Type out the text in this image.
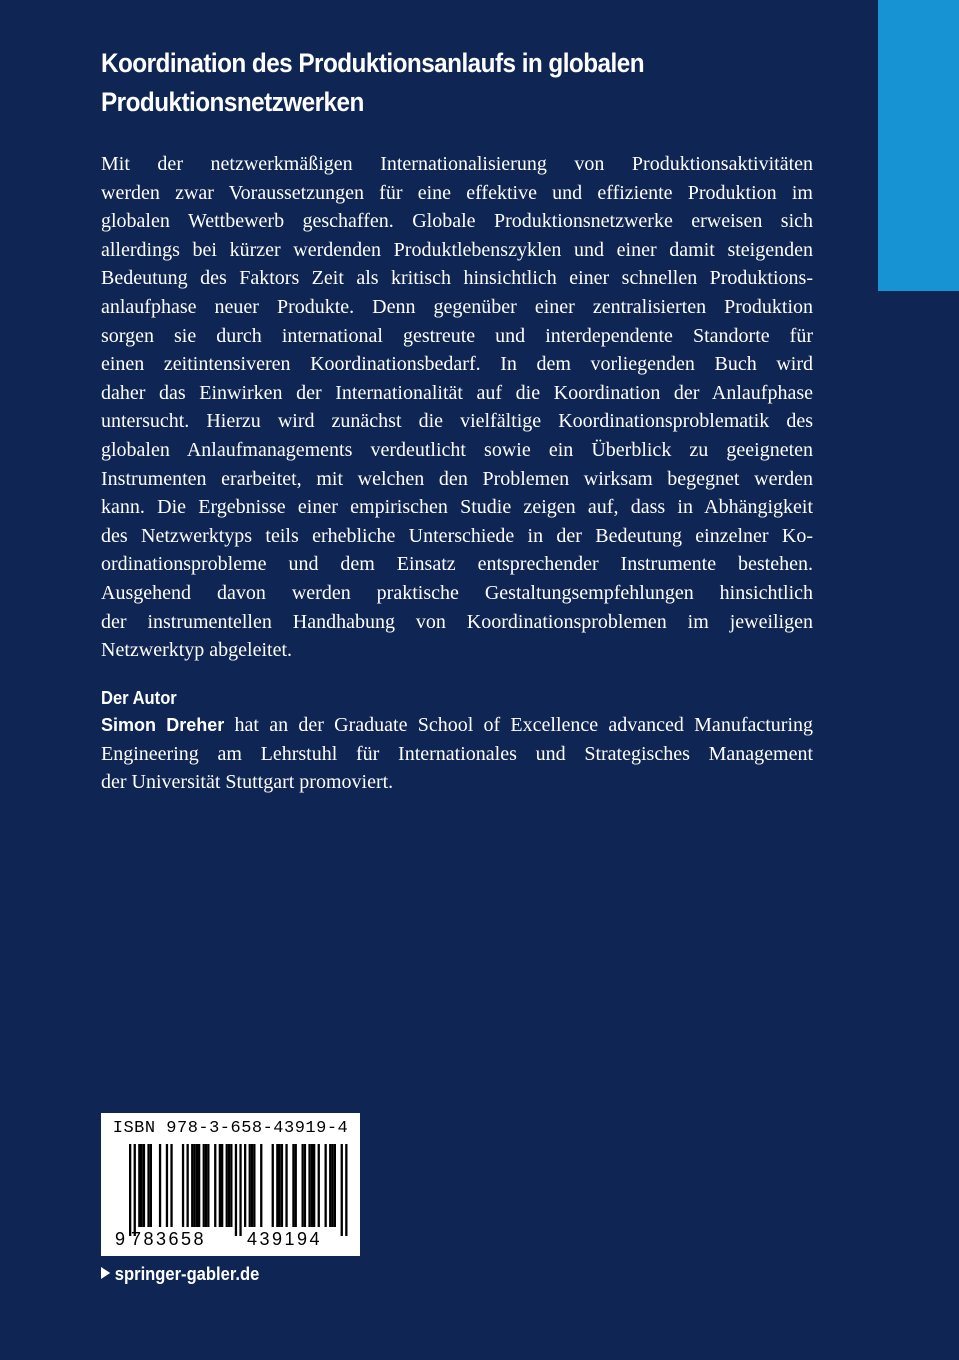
Koordination des Produktionsanlaufs in globalen
Produktionsnetzwerken
Mit der netzwerkmäßigen Internationalisierung von Produktionsaktivitäten
werden zwar Voraussetzungen für eine effektive und effiziente Produktion im
globalen Wettbewerb geschaffen. Globale Produktionsnetzwerke erweisen sich
allerdings bei kürzer werdenden Produktlebenszyklen und einer damit steigenden
Bedeutung des Faktors Zeit als kritisch hinsichtlich einer schnellen Produktions-
anlaufphase neuer Produkte. Denn gegenüber einer zentralisierten Produktion
sorgen sie durch international gestreute und interdependente Standorte für
einen zeitintensiveren Koordinationsbedarf. In dem vorliegenden Buch wird
daher das Einwirken der Internationalität auf die Koordination der Anlaufphase
untersucht. Hierzu wird zunächst die vielfältige Koordinationsproblematik des
globalen Anlaufmanagements verdeutlicht sowie ein Überblick zu geeigneten
Instrumenten erarbeitet, mit welchen den Problemen wirksam begegnet werden
kann. Die Ergebnisse einer empirischen Studie zeigen auf, dass in Abhängigkeit
des Netzwerktyps teils erhebliche Unterschiede in der Bedeutung einzelner Ko-
ordinationsprobleme und dem Einsatz entsprechender Instrumente bestehen.
Ausgehend davon werden praktische Gestaltungsempfehlungen hinsichtlich
der instrumentellen Handhabung von Koordinationsproblemen im jeweiligen
Netzwerktyp abgeleitet.
Der Autor
Simon Dreher hat an der Graduate School of Excellence advanced Manufacturing
Engineering am Lehrstuhl für Internationales und Strategisches Management
der Universität Stuttgart promoviert.
ISBN 978-3-658-43919-4
9 783658 439194
springer-gabler.de
